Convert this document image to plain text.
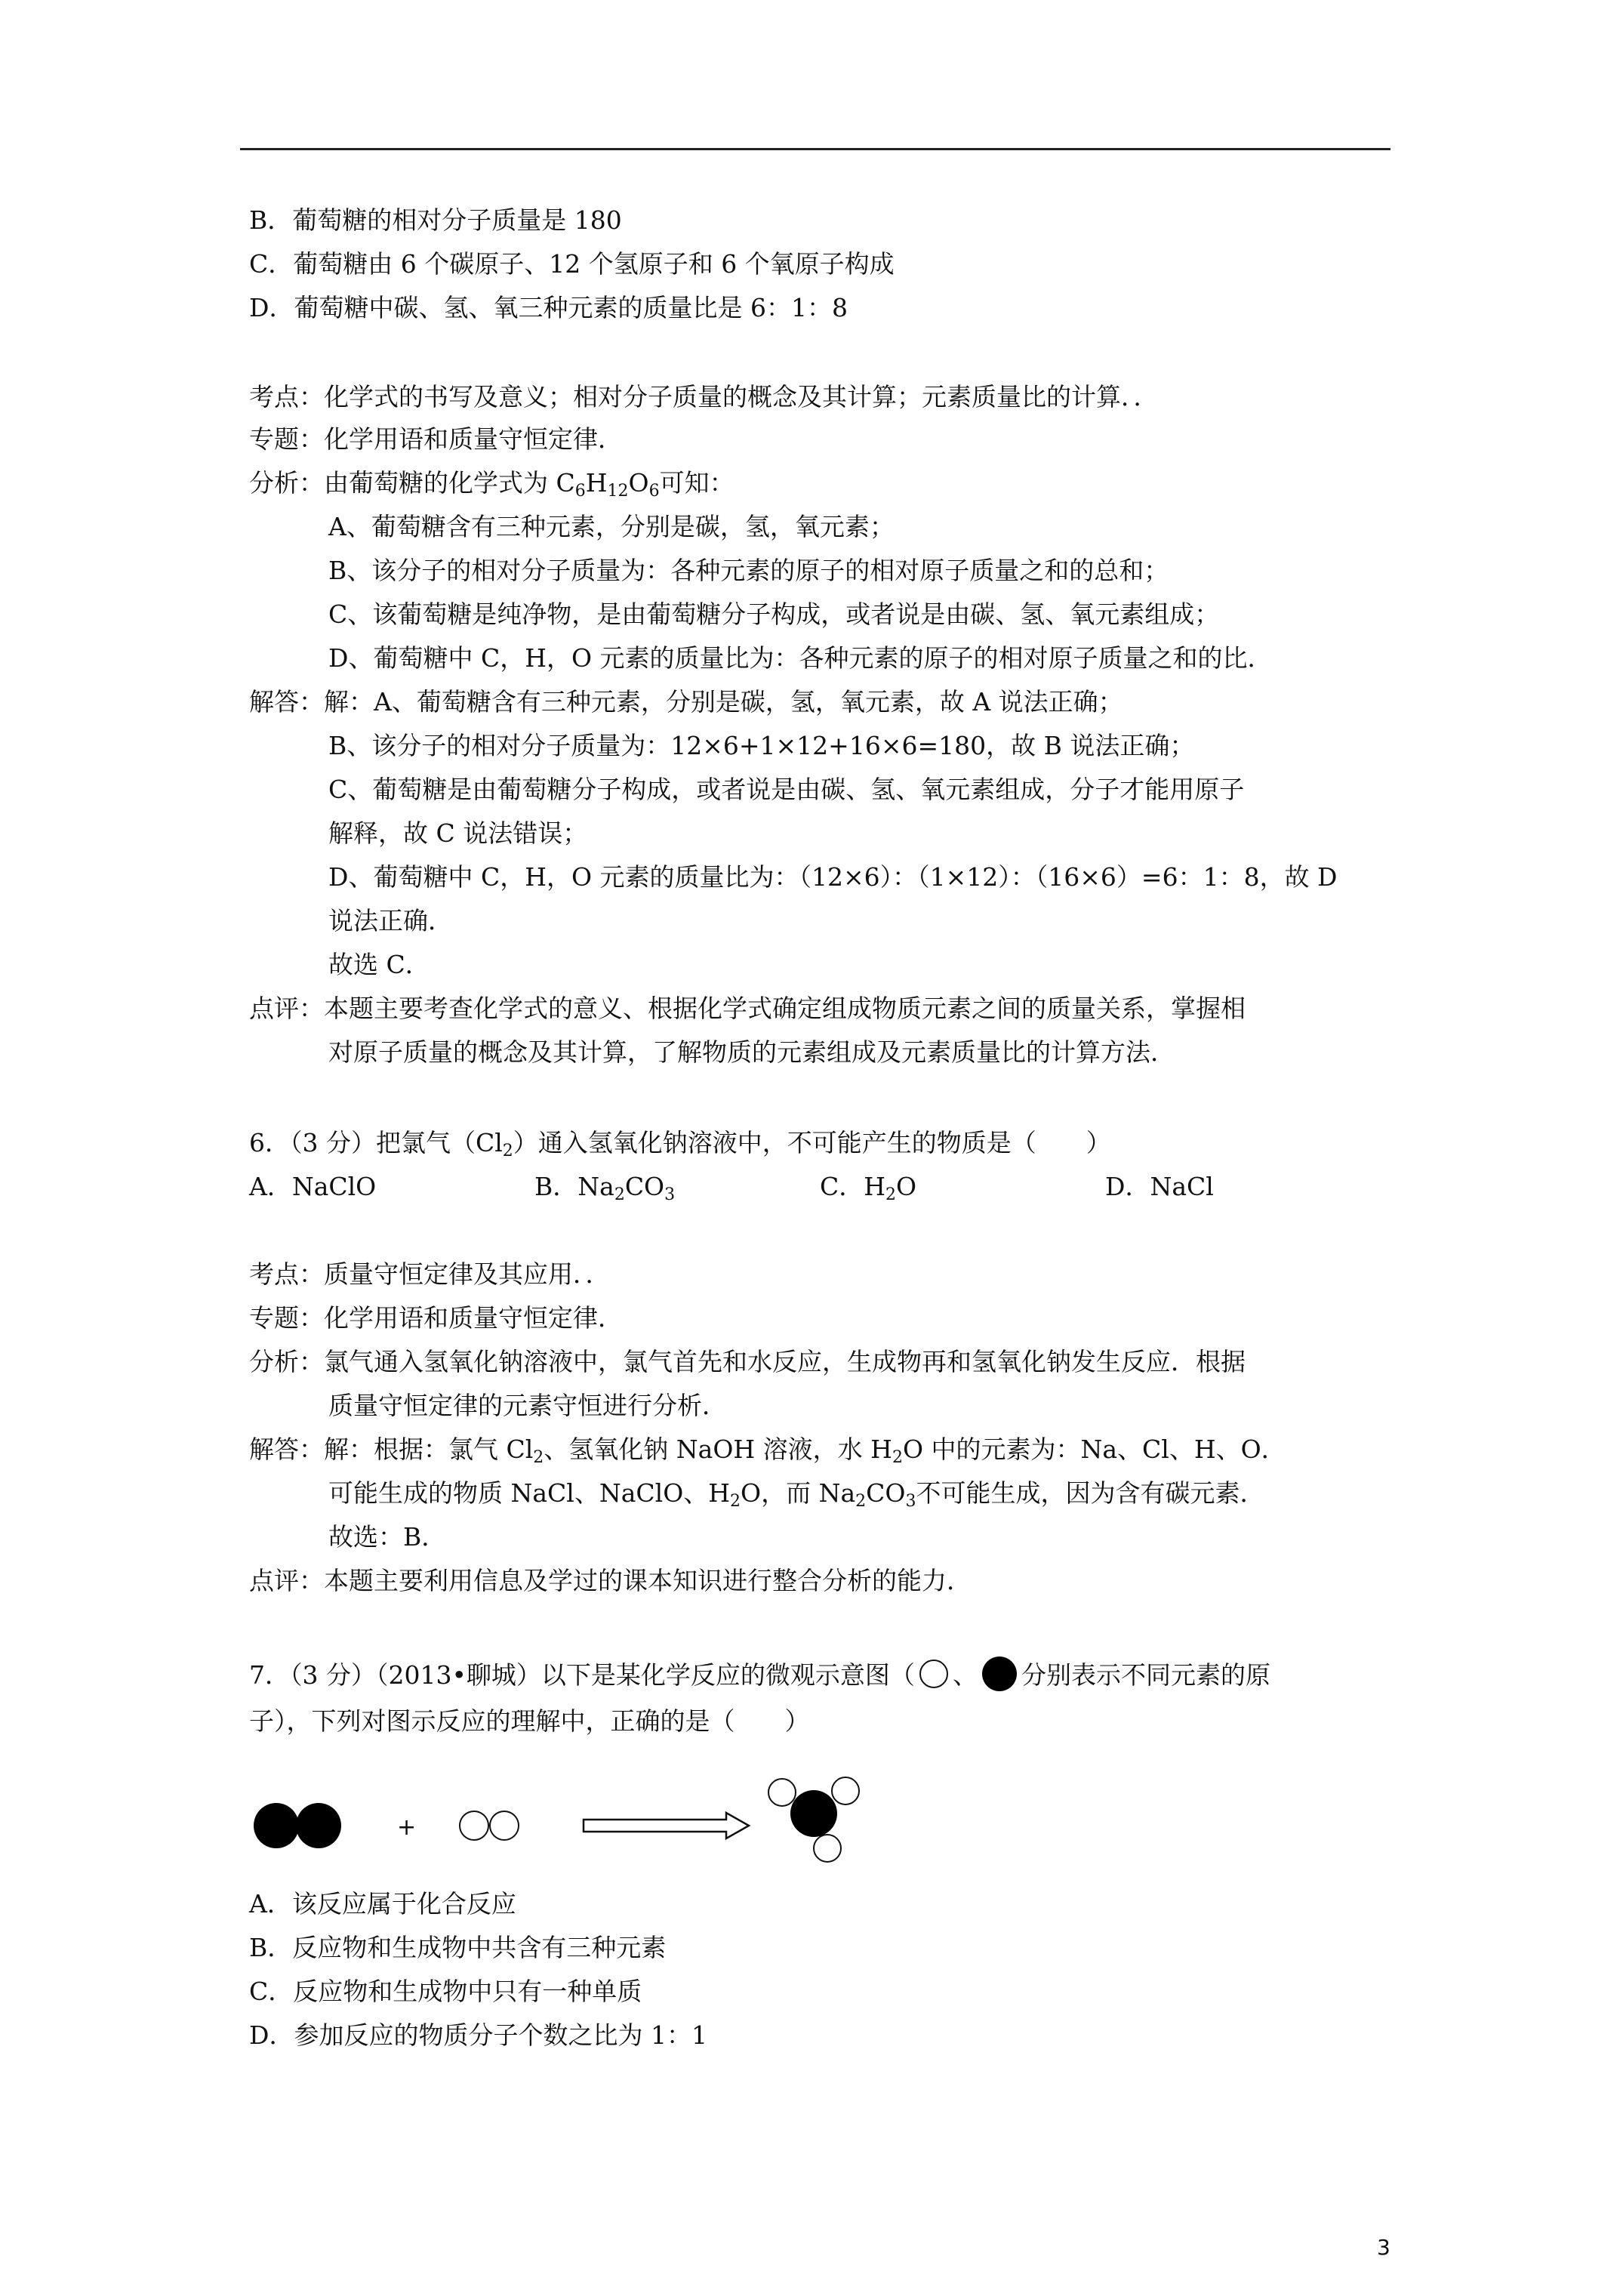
B．葡萄糖的相对分子质量是 180
C．葡萄糖由 6 个碳原子、12 个氢原子和 6 个氧原子构成
D．葡萄糖中碳、氢、氧三种元素的质量比是 6：1：8
考点：化学式的书写及意义；相对分子质量的概念及其计算；元素质量比的计算．．
专题：化学用语和质量守恒定律．
分析：由葡萄糖的化学式为 $C_6H_{12}O_6$可知：
A、葡萄糖含有三种元素，分别是碳，氢，氧元素；
B、该分子的相对分子质量为：各种元素的原子的相对原子质量之和的总和；
C、该葡萄糖是纯净物，是由葡萄糖分子构成，或者说是由碳、氢、氧元素组成；
D、葡萄糖中 C，H，O 元素的质量比为：各种元素的原子的相对原子质量之和的比．
解答：解：A、葡萄糖含有三种元素，分别是碳，氢，氧元素，故 A 说法正确；
B、该分子的相对分子质量为：12×6+1×12+16×6=180，故 B 说法正确；
C、葡萄糖是由葡萄糖分子构成，或者说是由碳、氢、氧元素组成，分子才能用原子
解释，故 C 说法错误；
D、葡萄糖中 C，H，O 元素的质量比为：（12×6）：（1×12）：（16×6）=6：1：8，故 D
说法正确．
故选 C．
点评：本题主要考查化学式的意义、根据化学式确定组成物质元素之间的质量关系，掌握相
对原子质量的概念及其计算，了解物质的元素组成及元素质量比的计算方法．
6．（3 分）把氯气$(Cl_2)$通入氢氧化钠溶液中，不可能产生的物质是（　　）
A．NaClO	B．$Na_2CO_3$	C．$H_2O$	D．NaCl
考点：质量守恒定律及其应用．．
专题：化学用语和质量守恒定律．
分析：氯气通入氢氧化钠溶液中，氯气首先和水反应，生成物再和氢氧化钠发生反应．根据
质量守恒定律的元素守恒进行分析．
解答：解：根据：氯气 $Cl_2$、氢氧化钠 NaOH 溶液，水 $H_2O$ 中的元素为：Na、Cl、H、O．
可能生成的物质 NaCl、NaClO、$H_2O$，而 $Na_2CO_3$不可能生成，因为含有碳元素．
故选：B．
点评：本题主要利用信息及学过的课本知识进行整合分析的能力．
7．（3 分）（2013•聊城）以下是某化学反应的微观示意图（ 、 分别表示不同元素的原
子），下列对图示反应的理解中，正确的是（　　）
+
A．该反应属于化合反应
B．反应物和生成物中共含有三种元素
C．反应物和生成物中只有一种单质
D．参加反应的物质分子个数之比为 1：1
3
